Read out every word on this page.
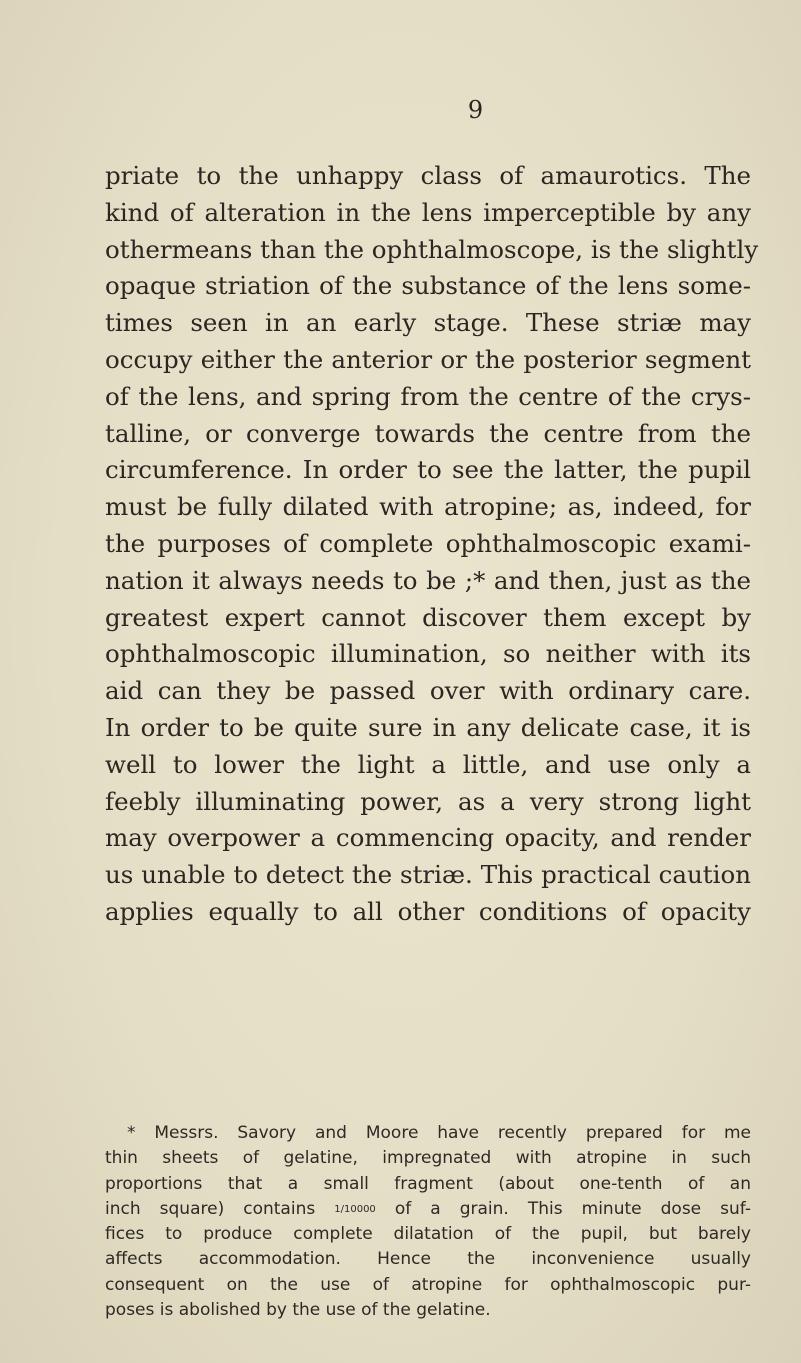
9
priate to the unhappy class of amaurotics. The
kind of alteration in the lens imperceptible by any
othermeans than the ophthalmoscope, is the slightly
opaque striation of the substance of the lens some-
times seen in an early stage. These striæ may
occupy either the anterior or the posterior segment
of the lens, and spring from the centre of the crys-
talline, or converge towards the centre from the
circumference. In order to see the latter, the pupil
must be fully dilated with atropine; as, indeed, for
the purposes of complete ophthalmoscopic exami-
nation it always needs to be ;* and then, just as the
greatest expert cannot discover them except by
ophthalmoscopic illumination, so neither with its
aid can they be passed over with ordinary care.
In order to be quite sure in any delicate case, it is
well to lower the light a little, and use only a
feebly illuminating power, as a very strong light
may overpower a commencing opacity, and render
us unable to detect the striæ. This practical caution
applies equally to all other conditions of opacity
* Messrs. Savory and Moore have recently prepared for me
thin sheets of gelatine, impregnated with atropine in such
proportions that a small fragment (about one-tenth of an
inch square) contains 1/10000 of a grain. This minute dose suf-
fices to produce complete dilatation of the pupil, but barely
affects accommodation. Hence the inconvenience usually
consequent on the use of atropine for ophthalmoscopic pur-
poses is abolished by the use of the gelatine.
